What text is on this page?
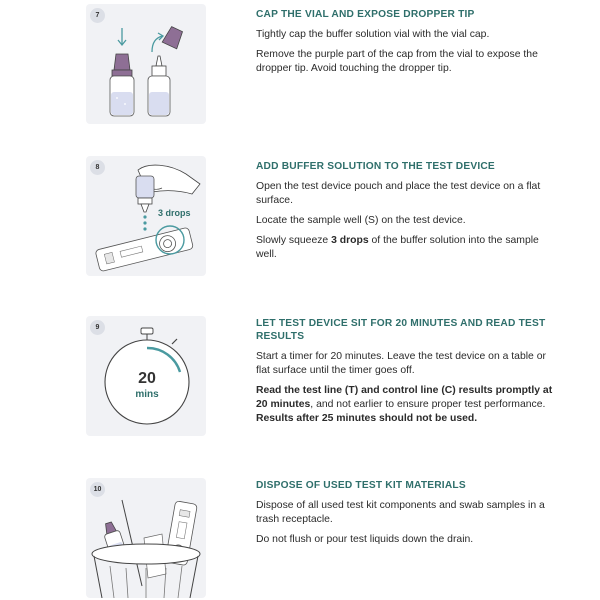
7	CAP THE VIAL AND EXPOSE DROPPER TIP

Tightly cap the buffer solution vial with the vial cap.

Remove the purple part of the cap from the vial to expose the dropper tip. Avoid touching the dropper tip.

8
3 drops
ADD BUFFER SOLUTION TO THE TEST DEVICE

Open the test device pouch and place the test device on a flat surface.

Locate the sample well (S) on the test device.

Slowly squeeze 3 drops of the buffer solution into the sample well.

9
20
mins
LET TEST DEVICE SIT FOR 20 MINUTES AND READ TEST RESULTS

Start a timer for 20 minutes. Leave the test device on a table or flat surface until the timer goes off.

Read the test line (T) and control line (C) results promptly at 20 minutes, and not earlier to ensure proper test performance.

Results after 25 minutes should not be used.

10	DISPOSE OF USED TEST KIT MATERIALS

Dispose of all used test kit components and swab samples in a trash receptacle.

Do not flush or pour test liquids down the drain.
